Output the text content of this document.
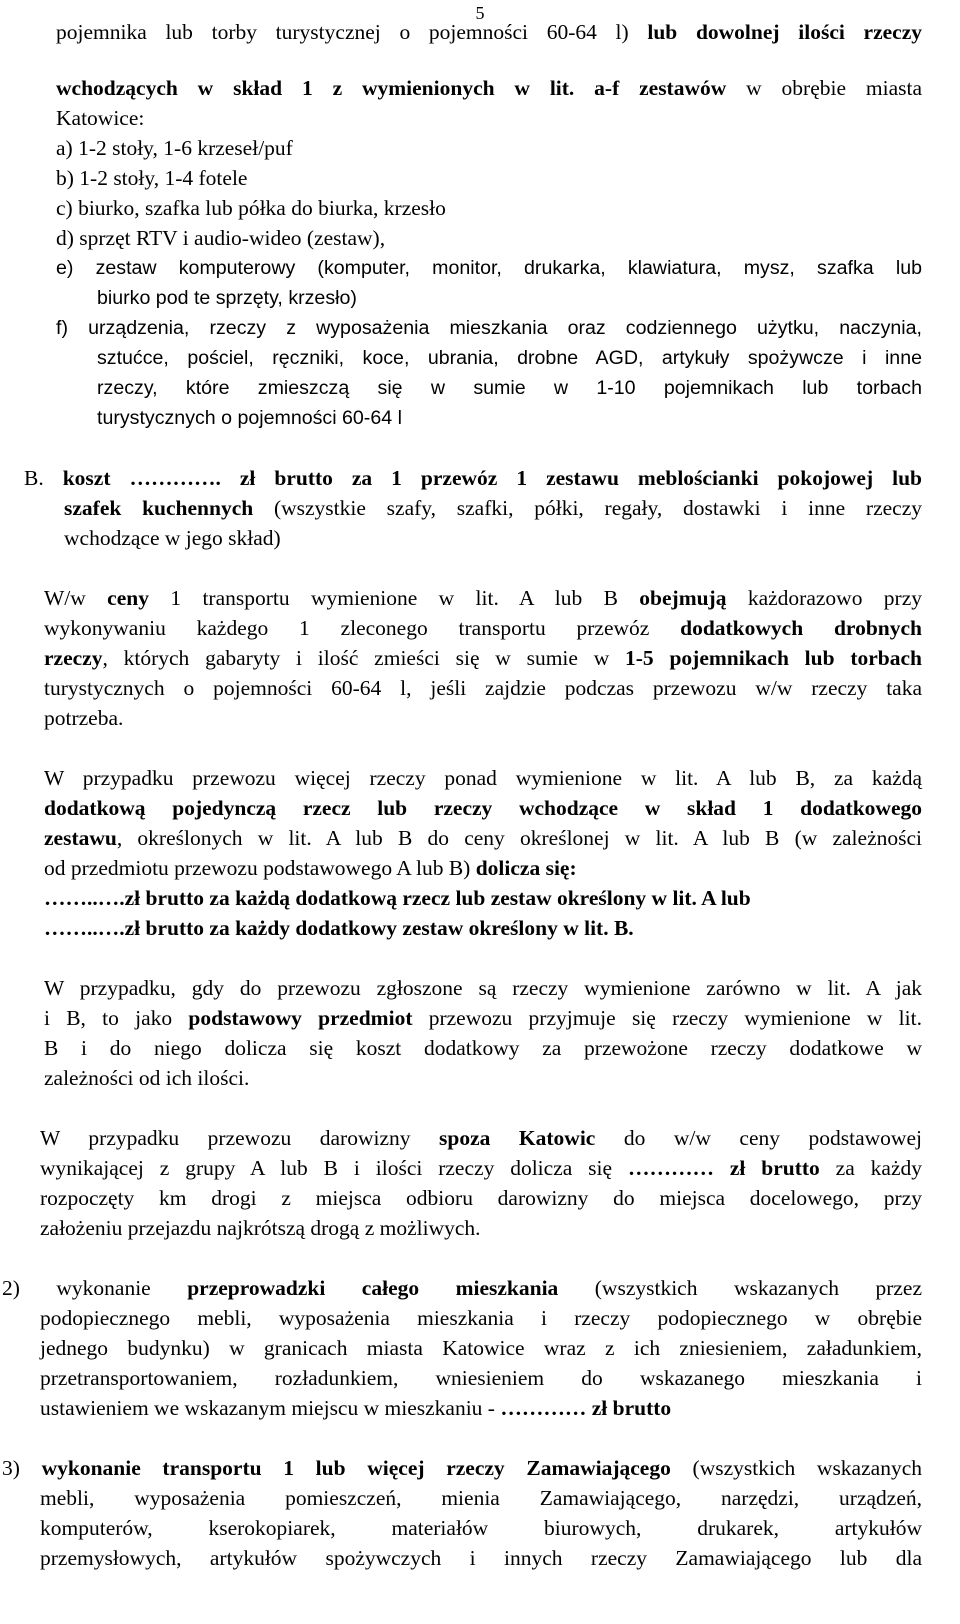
5
pojemnika lub torby turystycznej o pojemności 60-64 l) lub dowolnej ilości rzeczy
wchodzących w skład 1 z wymienionych w lit. a-f zestawów w obrębie miasta
Katowice:
a) 1-2 stoły, 1-6 krzeseł/puf
b) 1-2 stoły, 1-4 fotele
c) biurko, szafka lub półka do biurka, krzesło
d) sprzęt RTV i audio-wideo (zestaw),
e) zestaw komputerowy (komputer, monitor, drukarka, klawiatura, mysz, szafka lub
biurko pod te sprzęty, krzesło)
f) urządzenia, rzeczy z wyposażenia mieszkania oraz codziennego użytku, naczynia,
sztućce, pościel, ręczniki, koce, ubrania, drobne AGD, artykuły spożywcze i inne
rzeczy, które zmieszczą się w sumie w 1-10 pojemnikach lub torbach
turystycznych o pojemności 60-64 l
B. koszt …………. zł brutto za 1 przewóz 1 zestawu meblościanki pokojowej lub
szafek kuchennych (wszystkie szafy, szafki, półki, regały, dostawki i inne rzeczy
wchodzące w jego skład)
W/w ceny 1 transportu wymienione w lit. A lub B obejmują każdorazowo przy
wykonywaniu każdego 1 zleconego transportu przewóz dodatkowych drobnych
rzeczy, których gabaryty i ilość zmieści się w sumie w 1-5 pojemnikach lub torbach
turystycznych o pojemności 60-64 l, jeśli zajdzie podczas przewozu w/w rzeczy taka
potrzeba.
W przypadku przewozu więcej rzeczy ponad wymienione w lit. A lub B, za każdą
dodatkową pojedynczą rzecz lub rzeczy wchodzące w skład 1 dodatkowego
zestawu, określonych w lit. A lub B do ceny określonej w lit. A lub B (w zależności
od przedmiotu przewozu podstawowego A lub B) dolicza się:
……..….zł brutto za każdą dodatkową rzecz lub zestaw określony w lit. A lub
……..….zł brutto za każdy dodatkowy zestaw określony w lit. B.
W przypadku, gdy do przewozu zgłoszone są rzeczy wymienione zarówno w lit. A jak
i B, to jako podstawowy przedmiot przewozu przyjmuje się rzeczy wymienione w lit.
B i do niego dolicza się koszt dodatkowy za przewożone rzeczy dodatkowe w
zależności od ich ilości.
W przypadku przewozu darowizny spoza Katowic do w/w ceny podstawowej
wynikającej z grupy A lub B i ilości rzeczy dolicza się ………… zł brutto za każdy
rozpoczęty km drogi z miejsca odbioru darowizny do miejsca docelowego, przy
założeniu przejazdu najkrótszą drogą z możliwych.
2) wykonanie przeprowadzki całego mieszkania (wszystkich wskazanych przez
podopiecznego mebli, wyposażenia mieszkania i rzeczy podopiecznego w obrębie
jednego budynku) w granicach miasta Katowice wraz z ich zniesieniem, załadunkiem,
przetransportowaniem, rozładunkiem, wniesieniem do wskazanego mieszkania i
ustawieniem we wskazanym miejscu w mieszkaniu - ………… zł brutto
3) wykonanie transportu 1 lub więcej rzeczy Zamawiającego (wszystkich wskazanych
mebli, wyposażenia pomieszczeń, mienia Zamawiającego, narzędzi, urządzeń,
komputerów, kserokopiarek, materiałów biurowych, drukarek, artykułów
przemysłowych, artykułów spożywczych i innych rzeczy Zamawiającego lub dla
